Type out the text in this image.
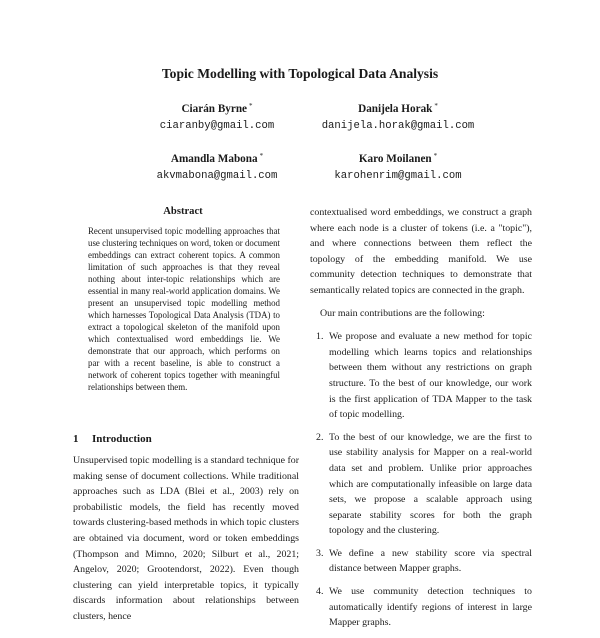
Topic Modelling with Topological Data Analysis
Ciarán Byrne *
ciaranby@gmail.com
Danijela Horak *
danijela.horak@gmail.com
Amandla Mabona *
akvmabona@gmail.com
Karo Moilanen *
karohenrim@gmail.com
Abstract
Recent unsupervised topic modelling approaches that use clustering techniques on word, token or document embeddings can extract coherent topics. A common limitation of such approaches is that they reveal nothing about inter-topic relationships which are essential in many real-world application domains. We present an unsupervised topic modelling method which harnesses Topological Data Analysis (TDA) to extract a topological skeleton of the manifold upon which contextualised word embeddings lie. We demonstrate that our approach, which performs on par with a recent baseline, is able to construct a network of coherent topics together with meaningful relationships between them.
1 Introduction
Unsupervised topic modelling is a standard technique for making sense of document collections. While traditional approaches such as LDA (Blei et al., 2003) rely on probabilistic models, the field has recently moved towards clustering-based methods in which topic clusters are obtained via document, word or token embeddings (Thompson and Mimno, 2020; Silburt et al., 2021; Angelov, 2020; Grootendorst, 2022). Even though clustering can yield interpretable topics, it typically discards information about relationships between clusters, hence

contextualised word embeddings, we construct a graph where each node is a cluster of tokens (i.e. a "topic"), and where connections between them reflect the topology of the embedding manifold. We use community detection techniques to demonstrate that semantically related topics are connected in the graph.

Our main contributions are the following:

1. We propose and evaluate a new method for topic modelling which learns topics and relationships between them without any restrictions on graph structure. To the best of our knowledge, our work is the first application of TDA Mapper to the task of topic modelling.
2. To the best of our knowledge, we are the first to use stability analysis for Mapper on a real-world data set and problem. Unlike prior approaches which are computationally infeasible on large data sets, we propose a scalable approach using separate stability scores for both the graph topology and the clustering.
3. We define a new stability score via spectral distance between Mapper graphs.
4. We use community detection techniques to automatically identify regions of interest in large Mapper graphs.
